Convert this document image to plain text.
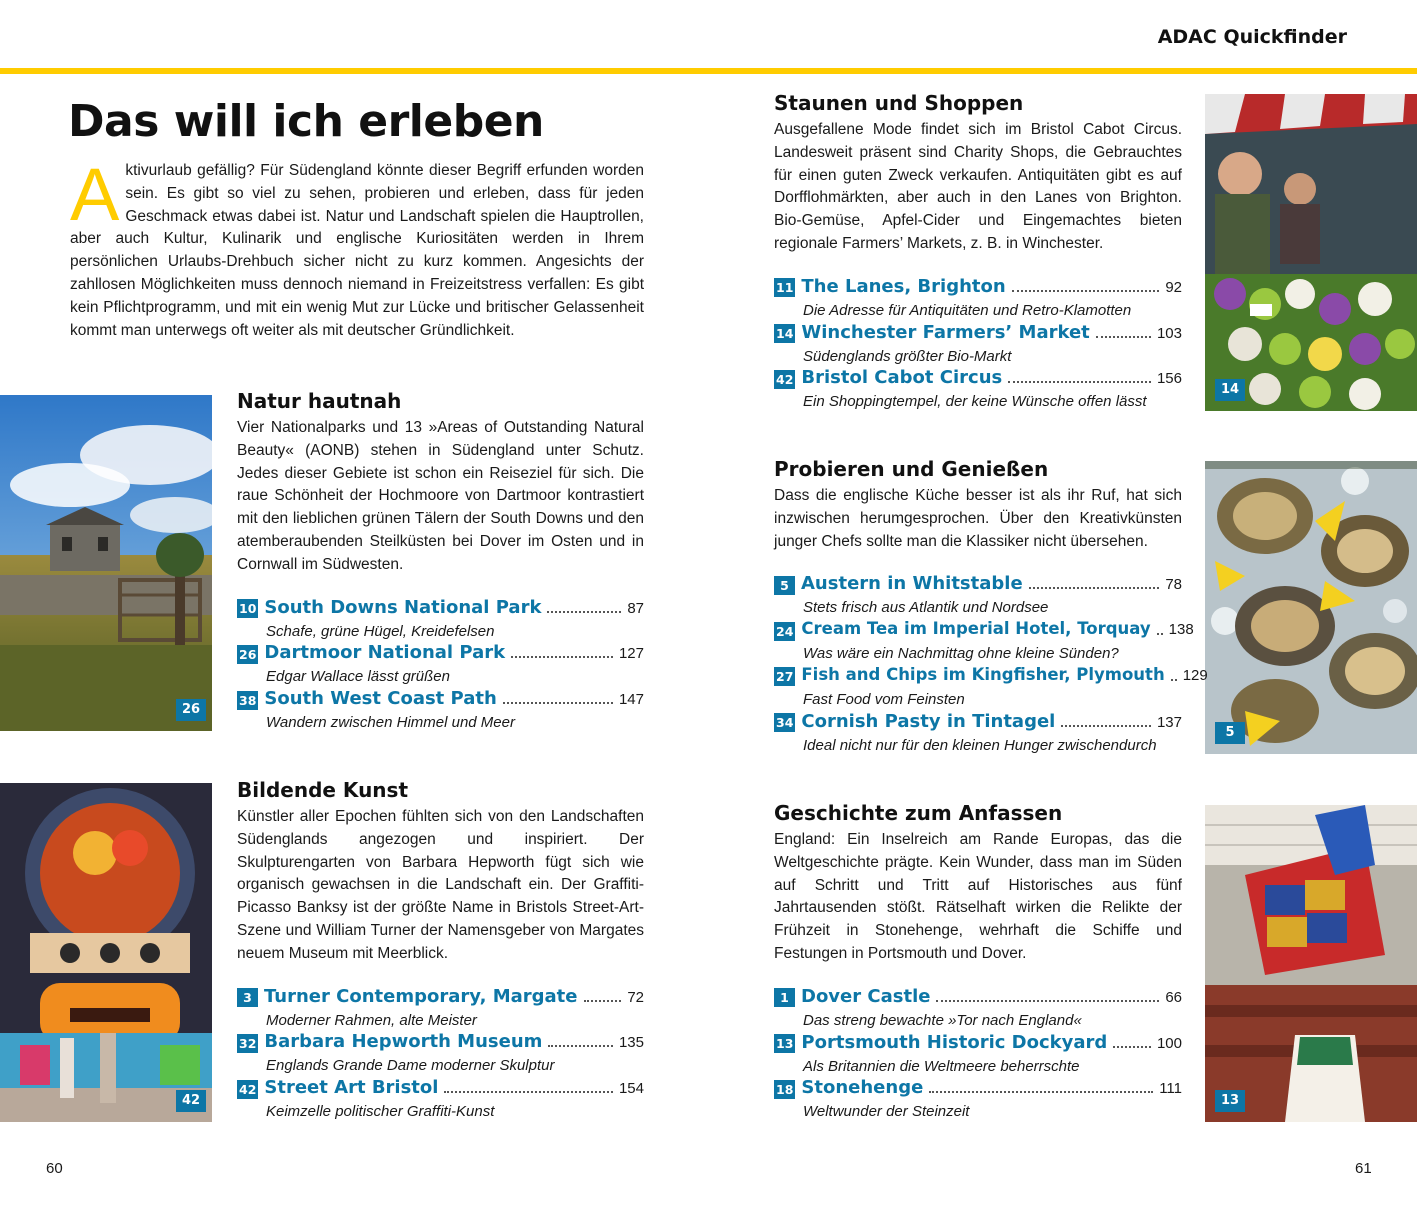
ADAC Quickfinder
Das will ich erleben
Aktivurlaub gefällig? Für Südengland könnte dieser Begriff erfunden worden sein. Es gibt so viel zu sehen, probieren und erleben, dass für jeden Geschmack etwas dabei ist. Natur und Landschaft spielen die Hauptrollen, aber auch Kultur, Kulinarik und englische Kuriositäten werden in Ihrem persönlichen Urlaubs-Drehbuch sicher nicht zu kurz kommen. Angesichts der zahllosen Möglichkeiten muss dennoch niemand in Freizeitstress verfallen: Es gibt kein Pflichtprogramm, und mit ein wenig Mut zur Lücke und britischer Gelassenheit kommt man unterwegs oft weiter als mit deutscher Gründlichkeit.
26
42
14
5
13
Natur hautnah

Vier Nationalparks und 13 »Areas of Outstanding Natural Beauty« (AONB) stehen in Südengland unter Schutz. Jedes dieser Gebiete ist schon ein Reiseziel für sich. Die raue Schönheit der Hochmoore von Dartmoor kontrastiert mit den lieblichen grünen Tälern der South Downs und den atemberaubenden Steilküsten bei Dover im Osten und in Cornwall im Südwesten.

10 South Downs National Park	87
Schafe, grüne Hügel, Kreidefelsen
26 Dartmoor National Park	127
Edgar Wallace lässt grüßen
38 South West Coast Path	147
Wandern zwischen Himmel und Meer
Bildende Kunst

Künstler aller Epochen fühlten sich von den Landschaften Südenglands angezogen und inspiriert. Der Skulpturengarten von Barbara Hepworth fügt sich wie organisch gewachsen in die Landschaft ein. Der Graffiti-Picasso Banksy ist der größte Name in Bristols Street-Art-Szene und William Turner der Namensgeber von Margates neuem Museum mit Meerblick.

3 Turner Contemporary, Margate	72
Moderner Rahmen, alte Meister
32 Barbara Hepworth Museum	135
Englands Grande Dame moderner Skulptur
42 Street Art Bristol	154
Keimzelle politischer Graffiti-Kunst
Staunen und Shoppen

Ausgefallene Mode findet sich im Bristol Cabot Circus. Landesweit präsent sind Charity Shops, die Gebrauchtes für einen guten Zweck verkaufen. Antiquitäten gibt es auf Dorfflohmärkten, aber auch in den Lanes von Brighton. Bio-Gemüse, Apfel-Cider und Eingemachtes bieten regionale Farmers’ Markets, z. B. in Winchester.

11 The Lanes, Brighton	92
Die Adresse für Antiquitäten und Retro-Klamotten
14 Winchester Farmers’ Market	103
Südenglands größter Bio-Markt
42 Bristol Cabot Circus	156
Ein Shoppingtempel, der keine Wünsche offen lässt
Probieren und Genießen

Dass die englische Küche besser ist als ihr Ruf, hat sich inzwischen herumgesprochen. Über den Kreativkünsten junger Chefs sollte man die Klassiker nicht übersehen.

5 Austern in Whitstable	78
Stets frisch aus Atlantik und Nordsee
24 Cream Tea im Imperial Hotel, Torquay 138
Was wäre ein Nachmittag ohne kleine Sünden?
27 Fish and Chips im Kingfisher, Plymouth 129
Fast Food vom Feinsten
34 Cornish Pasty in Tintagel	137
Ideal nicht nur für den kleinen Hunger zwischendurch
Geschichte zum Anfassen

England: Ein Inselreich am Rande Europas, das die Weltgeschichte prägte. Kein Wunder, dass man im Süden auf Schritt und Tritt auf Historisches aus fünf Jahrtausenden stößt. Rätselhaft wirken die Relikte der Frühzeit in Stonehenge, wehrhaft die Schiffe und Festungen in Portsmouth und Dover.

1 Dover Castle	66
Das streng bewachte »Tor nach England«
13 Portsmouth Historic Dockyard	100
Als Britannien die Weltmeere beherrschte
18 Stonehenge	111
Weltwunder der Steinzeit
60	61
